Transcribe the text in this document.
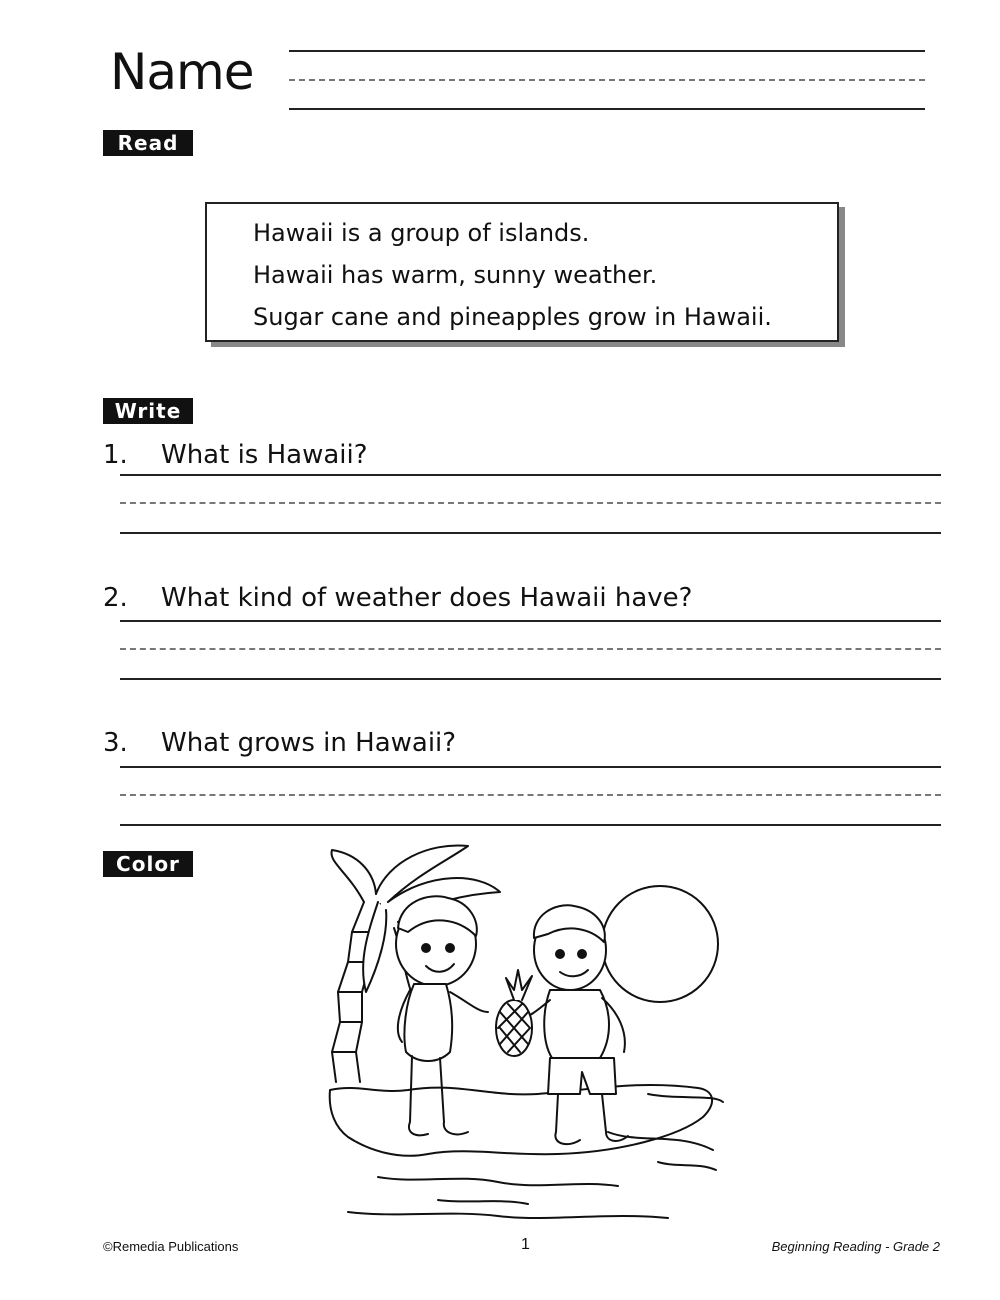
Name
Read
Hawaii is a group of islands.
Hawaii has warm, sunny weather.
Sugar cane and pineapples grow in Hawaii.
Write
1. What is Hawaii?
2. What kind of weather does Hawaii have?
3. What grows in Hawaii?
Color
©Remedia Publications	1	Beginning Reading - Grade 2
